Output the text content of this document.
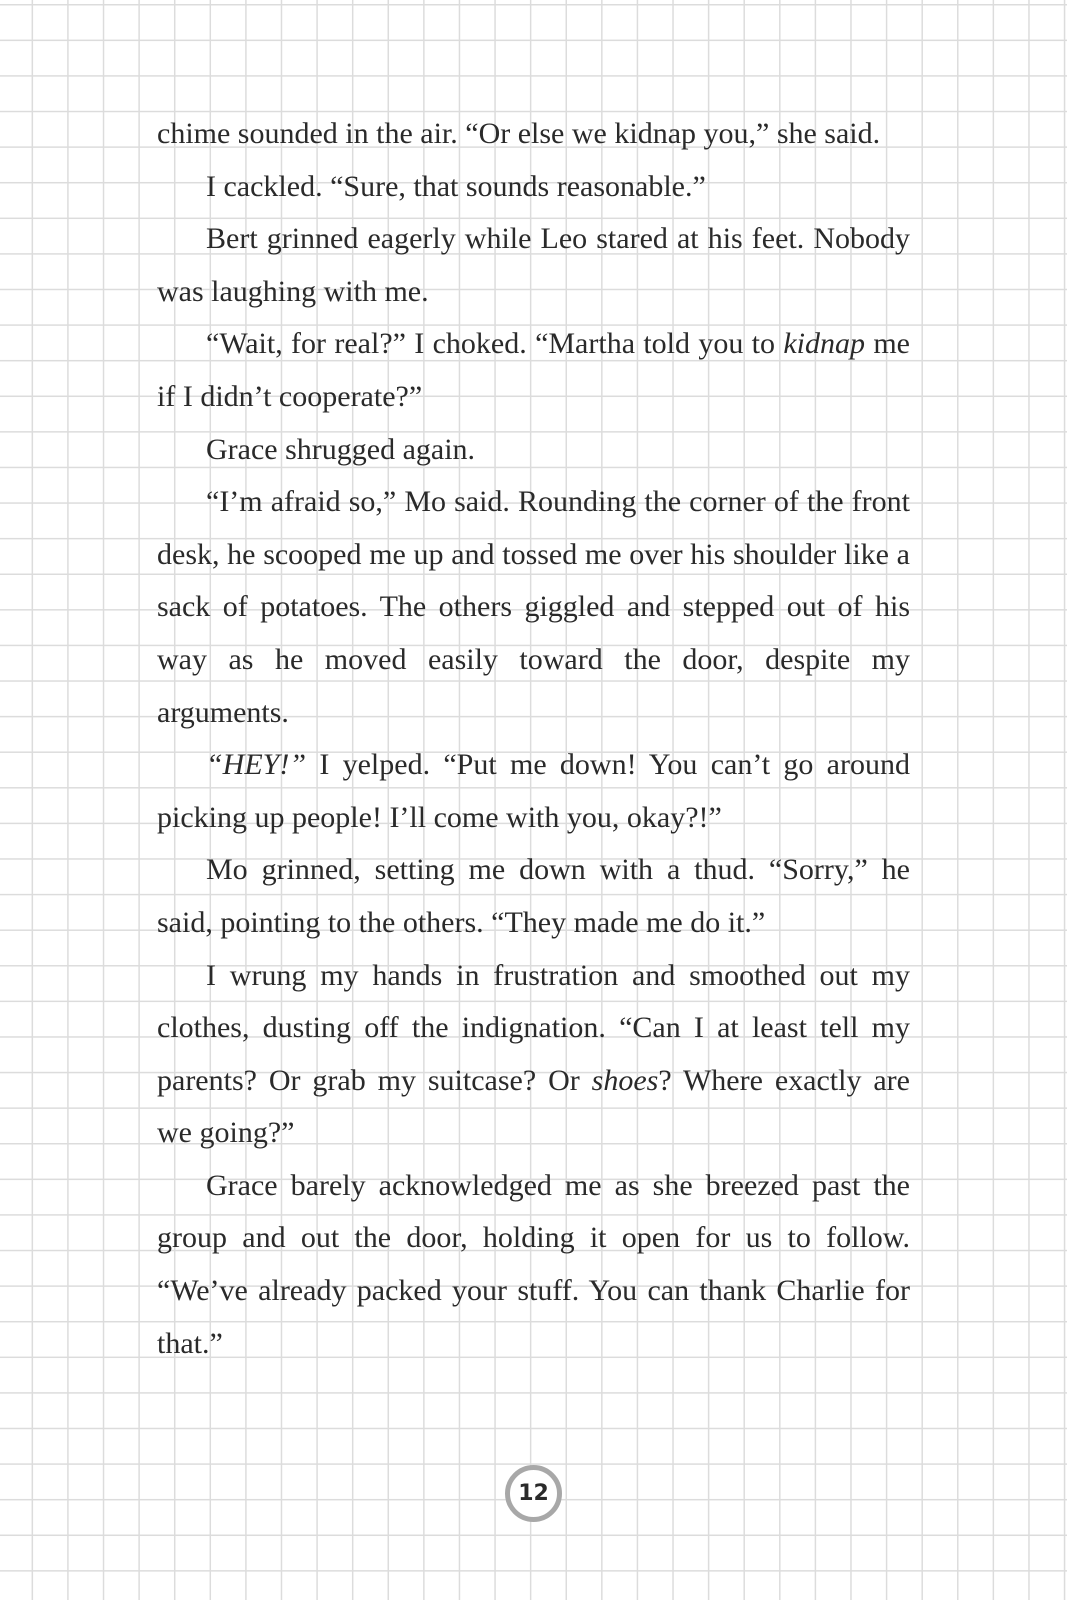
chime sounded in the air. “Or else we kidnap you,” she said.

I cackled. “Sure, that sounds reasonable.”

Bert grinned eagerly while Leo stared at his feet. Nobody was laughing with me.

“Wait, for real?” I choked. “Martha told you to kidnap me if I didn’t cooperate?”

Grace shrugged again.

“I’m afraid so,” Mo said. Rounding the corner of the front desk, he scooped me up and tossed me over his shoulder like a sack of potatoes. The others giggled and stepped out of his way as he moved easily toward the door, despite my arguments.

“HEY!” I yelped. “Put me down! You can’t go around picking up people! I’ll come with you, okay?!”

Mo grinned, setting me down with a thud. “Sorry,” he said, pointing to the others. “They made me do it.”

I wrung my hands in frustration and smoothed out my clothes, dusting off the indignation. “Can I at least tell my parents? Or grab my suitcase? Or shoes? Where exactly are we going?”

Grace barely acknowledged me as she breezed past the group and out the door, holding it open for us to follow. “We’ve already packed your stuff. You can thank Charlie for that.”

12
